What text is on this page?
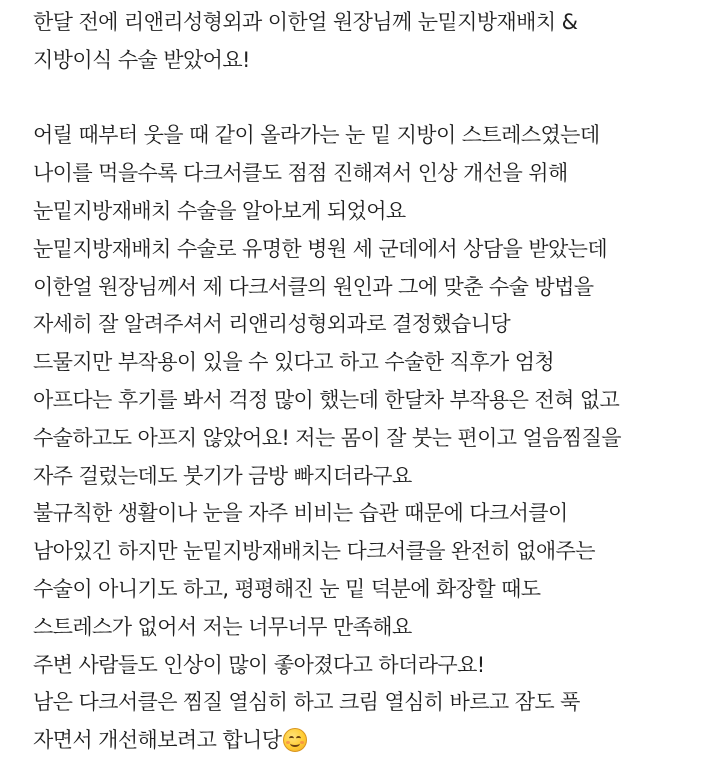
한달 전에 리앤리성형외과 이한얼 원장님께 눈밑지방재배치 &
지방이식 수술 받았어요!
어릴 때부터 웃을 때 같이 올라가는 눈 밑 지방이 스트레스였는데
나이를 먹을수록 다크서클도 점점 진해져서 인상 개선을 위해
눈밑지방재배치 수술을 알아보게 되었어요
눈밑지방재배치 수술로 유명한 병원 세 군데에서 상담을 받았는데
이한얼 원장님께서 제 다크서클의 원인과 그에 맞춘 수술 방법을
자세히 잘 알려주셔서 리앤리성형외과로 결정했습니당
드물지만 부작용이 있을 수 있다고 하고 수술한 직후가 엄청
아프다는 후기를 봐서 걱정 많이 했는데 한달차 부작용은 전혀 없고
수술하고도 아프지 않았어요! 저는 몸이 잘 붓는 편이고 얼음찜질을
자주 걸렀는데도 붓기가 금방 빠지더라구요
불규칙한 생활이나 눈을 자주 비비는 습관 때문에 다크서클이
남아있긴 하지만 눈밑지방재배치는 다크서클을 완전히 없애주는
수술이 아니기도 하고, 평평해진 눈 밑 덕분에 화장할 때도
스트레스가 없어서 저는 너무너무 만족해요
주변 사람들도 인상이 많이 좋아졌다고 하더라구요!
남은 다크서클은 찜질 열심히 하고 크림 열심히 바르고 잠도 푹
자면서 개선해보려고 합니당
